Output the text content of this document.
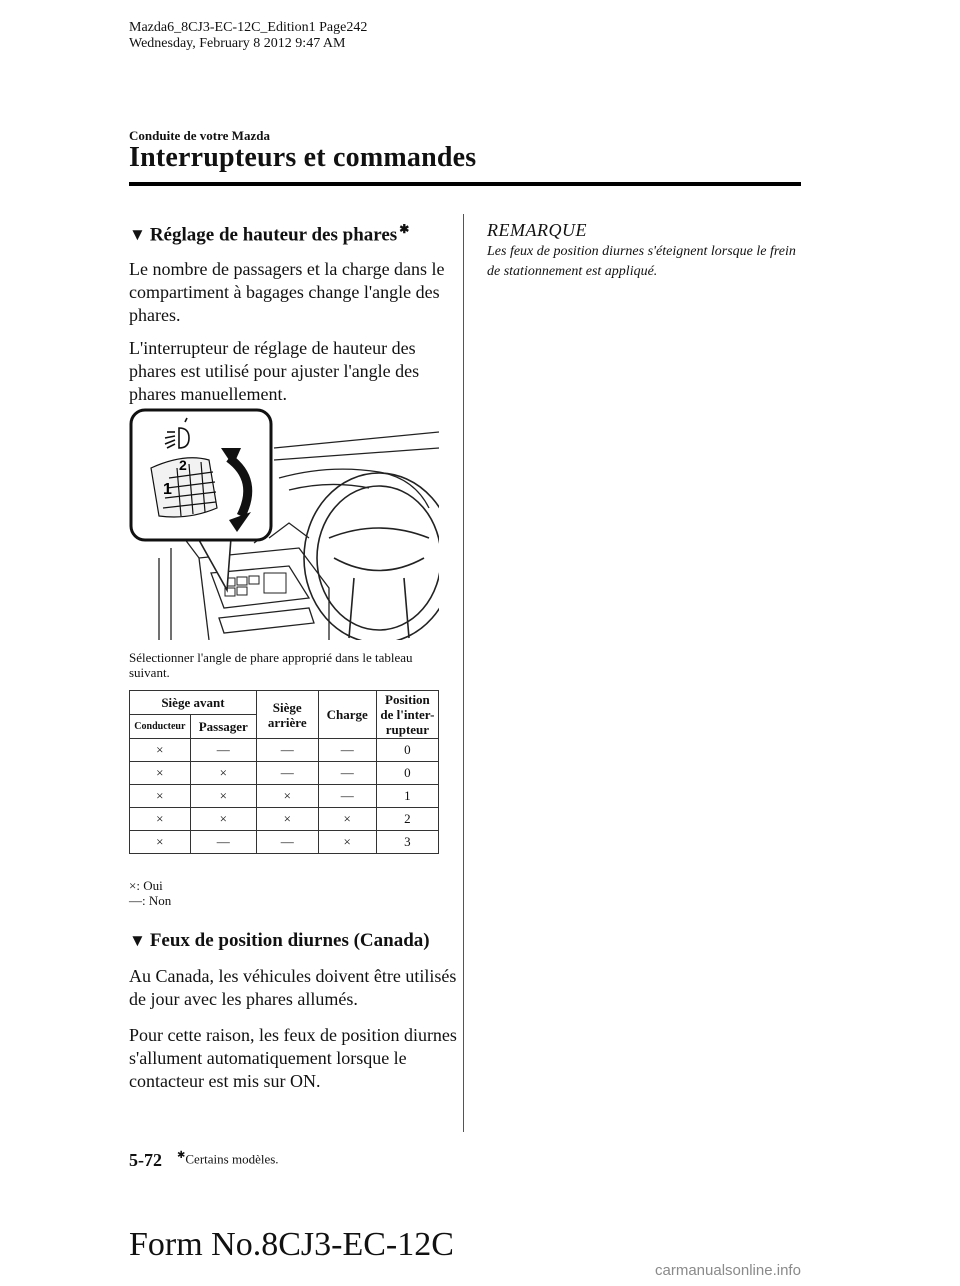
Mazda6_8CJ3-EC-12C_Edition1 Page242
Wednesday, February 8 2012 9:47 AM
Conduite de votre Mazda
Interrupteurs et commandes
▼ Réglage de hauteur des phares ✱
Le nombre de passagers et la charge dans le compartiment à bagages change l'angle des phares.
L'interrupteur de réglage de hauteur des phares est utilisé pour ajuster l'angle des phares manuellement.
2
1
Sélectionner l'angle de phare approprié dans le tableau suivant.
Siège avant		Siège arrière	Charge	Position de l'inter-rupteur
Conducteur	Passager			
×	—	—	—	0
×	×	—	—	0
×	×	×	—	1
×	×	×	×	2
×	—	—	×	3
×: Oui
—: Non
▼ Feux de position diurnes (Canada)
Au Canada, les véhicules doivent être utilisés de jour avec les phares allumés.
Pour cette raison, les feux de position diurnes s'allument automatiquement lorsque le contacteur est mis sur ON.
REMARQUE
Les feux de position diurnes s'éteignent lorsque le frein de stationnement est appliqué.
5-72 ✱Certains modèles.
Form No.8CJ3-EC-12C
carmanualsonline.info
